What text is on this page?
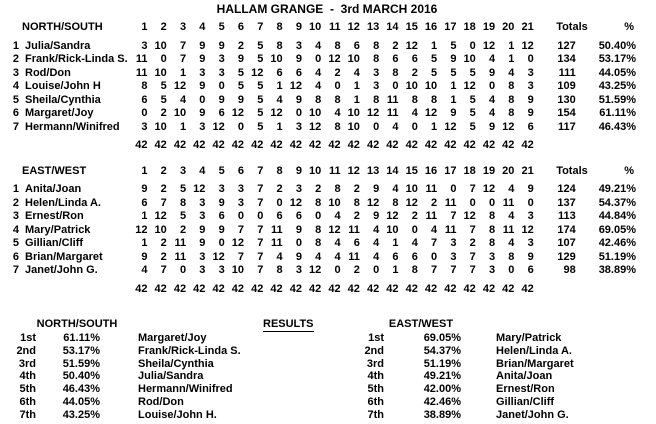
HALLAM GRANGE  -  3rd MARCH 2016
NORTH/SOUTH	1	2	3	4	5	6	7	8	9	10	11	12	13	14	15	16	17	18	19	20	21	Totals	%

1 Julia/Sandra	3	10	7	9	9	2	5	8	3	4	8	6	8	2	12	1	5	0	12	1	12	127	50.40%
2 Frank/Rick-Linda S.	11	0	7	9	3	9	5	10	9	0	12	10	8	6	6	5	9	10	4	1	0	134	53.17%
3 Rod/Don	11	10	1	3	3	5	12	6	6	4	2	4	3	8	2	5	5	5	9	4	3	111	44.05%
4 Louise/John H	8	5	12	9	0	5	5	1	12	4	0	1	3	0	10	10	1	12	0	8	3	109	43.25%
5 Sheila/Cynthia	6	5	4	0	9	9	5	4	9	8	8	1	8	11	8	8	1	5	4	8	9	130	51.59%
6 Margaret/Joy	0	2	10	9	6	12	5	12	0	10	4	10	12	11	4	12	9	5	4	8	9	154	61.11%
7 Hermann/Winifred	3	10	1	3	12	0	5	1	3	12	8	10	0	4	0	1	12	5	9	12	6	117	46.43%

	42	42	42	42	42	42	42	42	42	42	42	42	42	42	42	42	42	42	42	42	42		
EAST/WEST	1	2	3	4	5	6	7	8	9	10	11	12	13	14	15	16	17	18	19	20	21	Totals	%

1 Anita/Joan	9	2	5	12	3	3	7	2	3	2	8	2	9	4	10	11	0	7	12	4	9	124	49.21%
2 Helen/Linda A.	6	7	8	3	9	3	7	0	12	8	10	8	12	8	12	2	11	0	0	11	0	137	54.37%
3 Ernest/Ron	1	12	5	3	6	0	0	6	6	0	4	2	9	12	2	11	7	12	8	4	3	113	44.84%
4 Mary/Patrick	12	10	2	9	9	7	7	11	9	8	12	11	4	10	0	4	11	7	8	11	12	174	69.05%
5 Gillian/Cliff	1	2	11	9	0	12	7	11	0	8	4	6	4	1	4	7	3	2	8	4	3	107	42.46%
6 Brian/Margaret	9	2	11	3	12	7	7	4	9	4	4	11	4	6	6	0	3	7	3	8	9	129	51.19%
7 Janet/John G.	4	7	0	3	3	10	7	8	3	12	0	2	0	1	8	7	7	7	3	0	6	98	38.89%

	42	42	42	42	42	42	42	42	42	42	42	42	42	42	42	42	42	42	42	42	42		
NORTH/SOUTH
1st	61.11%	Margaret/Joy
2nd	53.17%	Frank/Rick-Linda S.
3rd	51.59%	Sheila/Cynthia
4th	50.40%	Julia/Sandra
5th	46.43%	Hermann/Winifred
6th	44.05%	Rod/Don
7th	43.25%	Louise/John H.
RESULTS	EAST/WEST
1st	69.05%	Mary/Patrick
2nd	54.37%	Helen/Linda A.
3rd	51.19%	Brian/Margaret
4th	49.21%	Anita/Joan
5th	42.00%	Ernest/Ron
6th	42.46%	Gillian/Cliff
7th	38.89%	Janet/John G.
